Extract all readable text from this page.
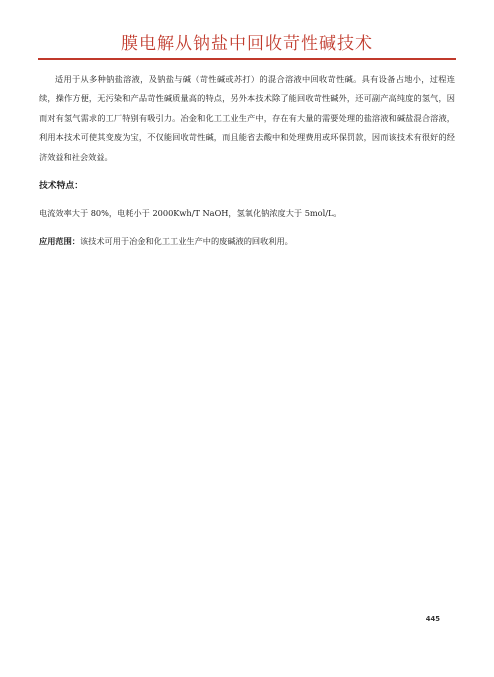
膜电解从钠盐中回收苛性碱技术

适用于从多种钠盐溶液，及钠盐与碱（苛性碱或苏打）的混合溶液中回收苛性碱。具有设备占地小，过程连续，操作方便，无污染和产品苛性碱质量高的特点，另外本技术除了能回收苛性碱外，还可副产高纯度的氢气，因而对有氢气需求的工厂特别有吸引力。冶金和化工工业生产中，存在有大量的需要处理的盐溶液和碱盐混合溶液，利用本技术可使其变废为宝，不仅能回收苛性碱，而且能省去酸中和处理费用或环保罚款，因而该技术有很好的经济效益和社会效益。

技术特点：

电流效率大于 80%，电耗小于 2000Kwh/T NaOH，氢氧化钠浓度大于 5mol/L。

应用范围：该技术可用于冶金和化工工业生产中的废碱液的回收利用。

445
